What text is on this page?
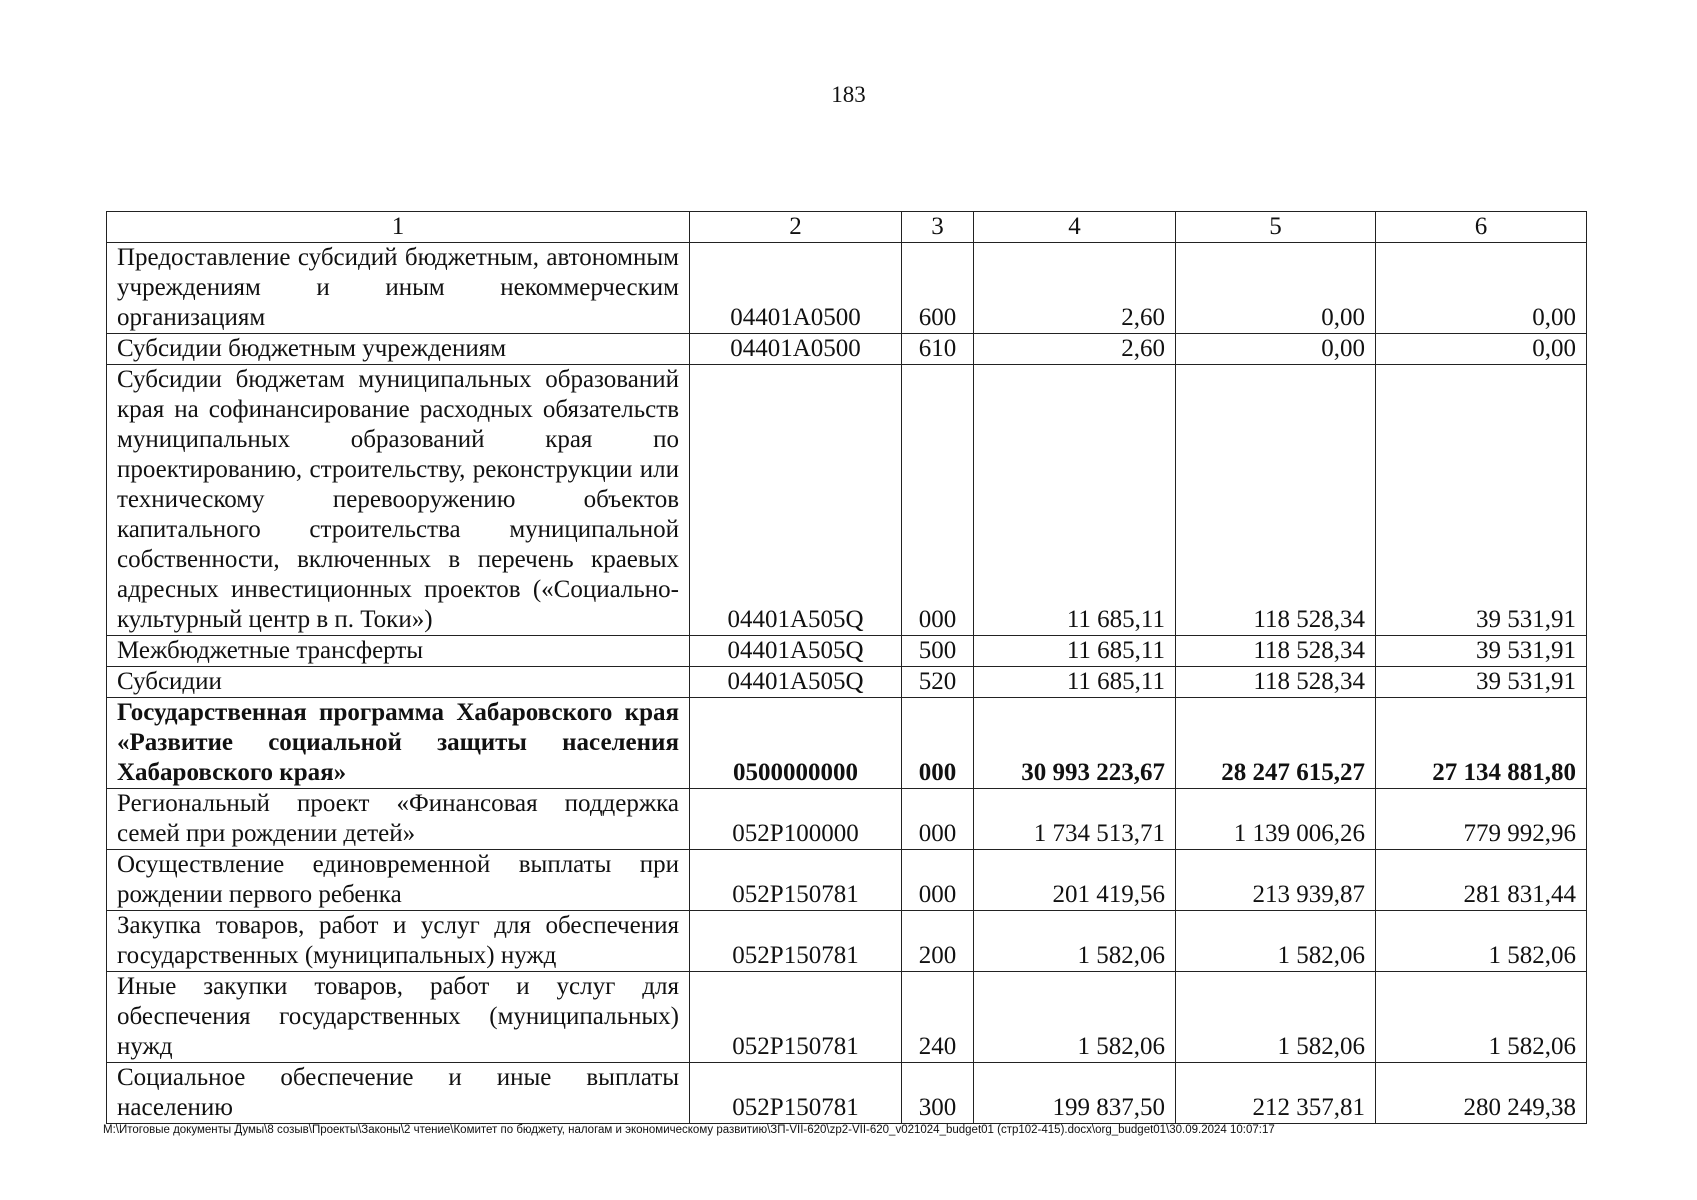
183
1	2	3	4	5	6
Предоставление субсидий бюджетным, автономным учреждениям и иным некоммерческим организациям	04401A0500	600	2,60	0,00	0,00
Субсидии бюджетным учреждениям	04401A0500	610	2,60	0,00	0,00
Субсидии бюджетам муниципальных образований края на софинансирование расходных обязательств муниципальных образований края по проектированию, строительству, реконструкции или техническому перевооружению объектов капитального строительства муниципальной собственности, включенных в перечень краевых адресных инвестиционных проектов («Социально-культурный центр в п. Токи»)	04401A505Q	000	11 685,11	118 528,34	39 531,91
Межбюджетные трансферты	04401A505Q	500	11 685,11	118 528,34	39 531,91
Субсидии	04401A505Q	520	11 685,11	118 528,34	39 531,91
Государственная программа Хабаровского края «Развитие социальной защиты населения Хабаровского края»	0500000000	000	30 993 223,67	28 247 615,27	27 134 881,80
Региональный проект «Финансовая поддержка семей при рождении детей»	052P100000	000	1 734 513,71	1 139 006,26	779 992,96
Осуществление единовременной выплаты при рождении первого ребенка	052P150781	000	201 419,56	213 939,87	281 831,44
Закупка товаров, работ и услуг для обеспечения государственных (муниципальных) нужд	052P150781	200	1 582,06	1 582,06	1 582,06
Иные закупки товаров, работ и услуг для обеспечения государственных (муниципальных) нужд	052P150781	240	1 582,06	1 582,06	1 582,06
Социальное обеспечение и иные выплаты населению	052P150781	300	199 837,50	212 357,81	280 249,38
M:\Итоговые документы Думы\8 созыв\Проекты\Законы\2 чтение\Комитет по бюджету, налогам и экономическому развитию\ЗП-VII-620\zp2-VII-620_v021024_budget01 (стр102-415).docx\org_budget01\30.09.2024 10:07:17
